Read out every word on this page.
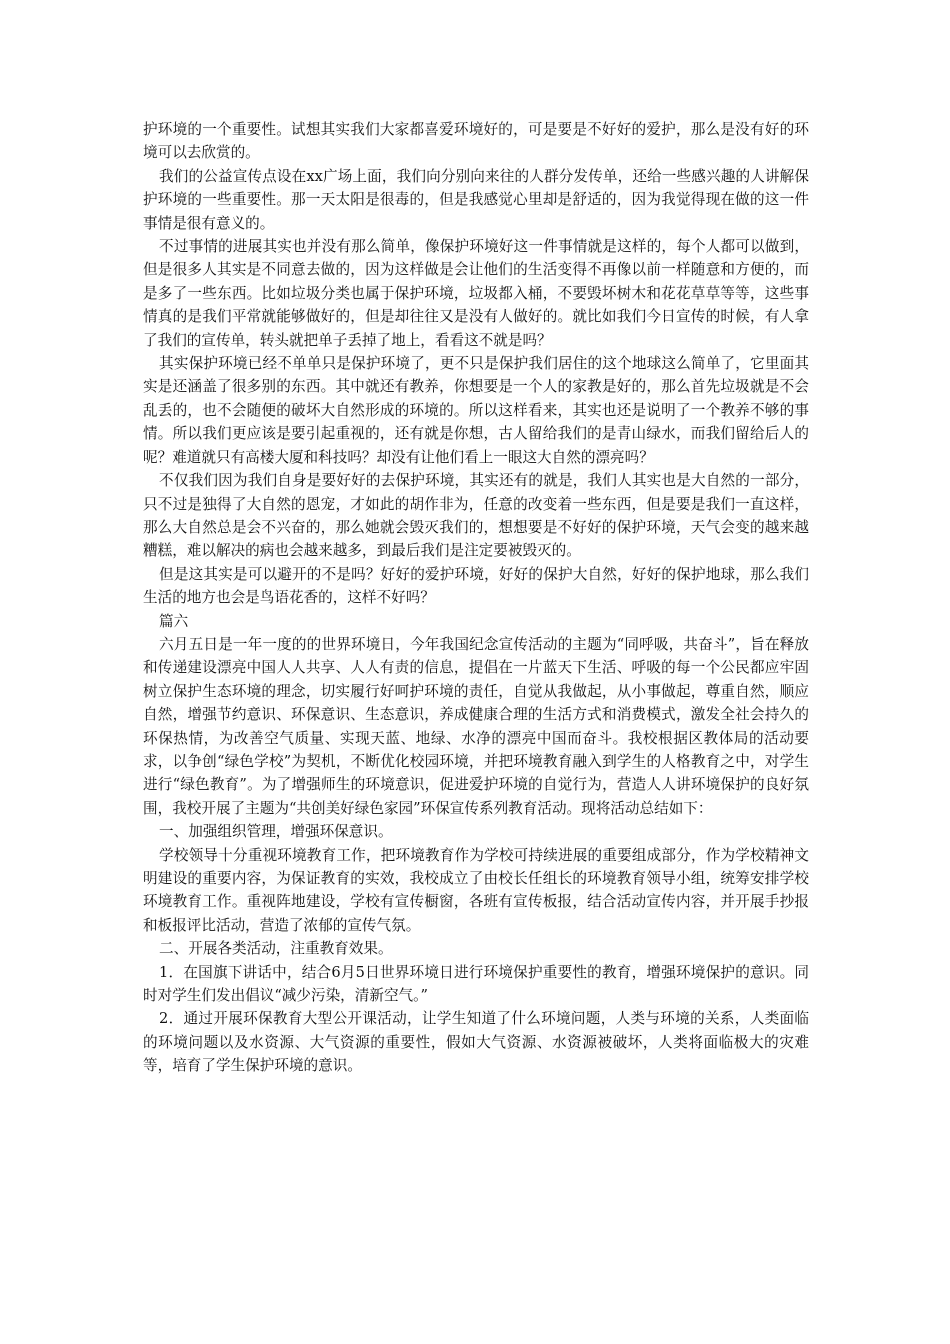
护环境的一个重要性。试想其实我们大家都喜爱环境好的，可是要是不好好的爱护，那么是没有好的环境可以去欣赏的。

我们的公益宣传点设在xx广场上面，我们向分别向来往的人群分发传单，还给一些感兴趣的人讲解保护环境的一些重要性。那一天太阳是很毒的，但是我感觉心里却是舒适的，因为我觉得现在做的这一件事情是很有意义的。

不过事情的进展其实也并没有那么简单，像保护环境好这一件事情就是这样的，每个人都可以做到，但是很多人其实是不同意去做的，因为这样做是会让他们的生活变得不再像以前一样随意和方便的，而是多了一些东西。比如垃圾分类也属于保护环境，垃圾都入桶，不要毁坏树木和花花草草等等，这些事情真的是我们平常就能够做好的，但是却往往又是没有人做好的。就比如我们今日宣传的时候，有人拿了我们的宣传单，转头就把单子丢掉了地上，看看这不就是吗？

其实保护环境已经不单单只是保护环境了，更不只是保护我们居住的这个地球这么简单了，它里面其实是还涵盖了很多别的东西。其中就还有教养，你想要是一个人的家教是好的，那么首先垃圾就是不会乱丢的，也不会随便的破坏大自然形成的环境的。所以这样看来，其实也还是说明了一个教养不够的事情。所以我们更应该是要引起重视的，还有就是你想，古人留给我们的是青山绿水，而我们留给后人的呢？难道就只有高楼大厦和科技吗？却没有让他们看上一眼这大自然的漂亮吗？

不仅我们因为我们自身是要好好的去保护环境，其实还有的就是，我们人其实也是大自然的一部分，只不过是独得了大自然的恩宠，才如此的胡作非为，任意的改变着一些东西，但是要是我们一直这样，那么大自然总是会不兴奋的，那么她就会毁灭我们的，想想要是不好好的保护环境，天气会变的越来越糟糕，难以解决的病也会越来越多，到最后我们是注定要被毁灭的。

但是这其实是可以避开的不是吗？好好的爱护环境，好好的保护大自然，好好的保护地球，那么我们生活的地方也会是鸟语花香的，这样不好吗？

篇六

六月五日是一年一度的的世界环境日，今年我国纪念宣传活动的主题为“同呼吸，共奋斗”，旨在释放和传递建设漂亮中国人人共享、人人有责的信息，提倡在一片蓝天下生活、呼吸的每一个公民都应牢固树立保护生态环境的理念，切实履行好呵护环境的责任，自觉从我做起，从小事做起，尊重自然，顺应自然，增强节约意识、环保意识、生态意识，养成健康合理的生活方式和消费模式，激发全社会持久的环保热情，为改善空气质量、实现天蓝、地绿、水净的漂亮中国而奋斗。我校根据区教体局的活动要求，以争创“绿色学校”为契机，不断优化校园环境，并把环境教育融入到学生的人格教育之中，对学生进行“绿色教育”。为了增强师生的环境意识，促进爱护环境的自觉行为，营造人人讲环境保护的良好氛围，我校开展了主题为“共创美好绿色家园”环保宣传系列教育活动。现将活动总结如下：

一、加强组织管理，增强环保意识。

学校领导十分重视环境教育工作，把环境教育作为学校可持续进展的重要组成部分，作为学校精神文明建设的重要内容，为保证教育的实效，我校成立了由校长任组长的环境教育领导小组，统筹安排学校环境教育工作。重视阵地建设，学校有宣传橱窗，各班有宣传板报，结合活动宣传内容，并开展手抄报和板报评比活动，营造了浓郁的宣传气氛。

二、开展各类活动，注重教育效果。

1．在国旗下讲话中，结合6月5日世界环境日进行环境保护重要性的教育，增强环境保护的意识。同时对学生们发出倡议“减少污染，清新空气。”

2．通过开展环保教育大型公开课活动，让学生知道了什么环境问题，人类与环境的关系，人类面临的环境问题以及水资源、大气资源的重要性，假如大气资源、水资源被破坏，人类将面临极大的灾难等，培育了学生保护环境的意识。
